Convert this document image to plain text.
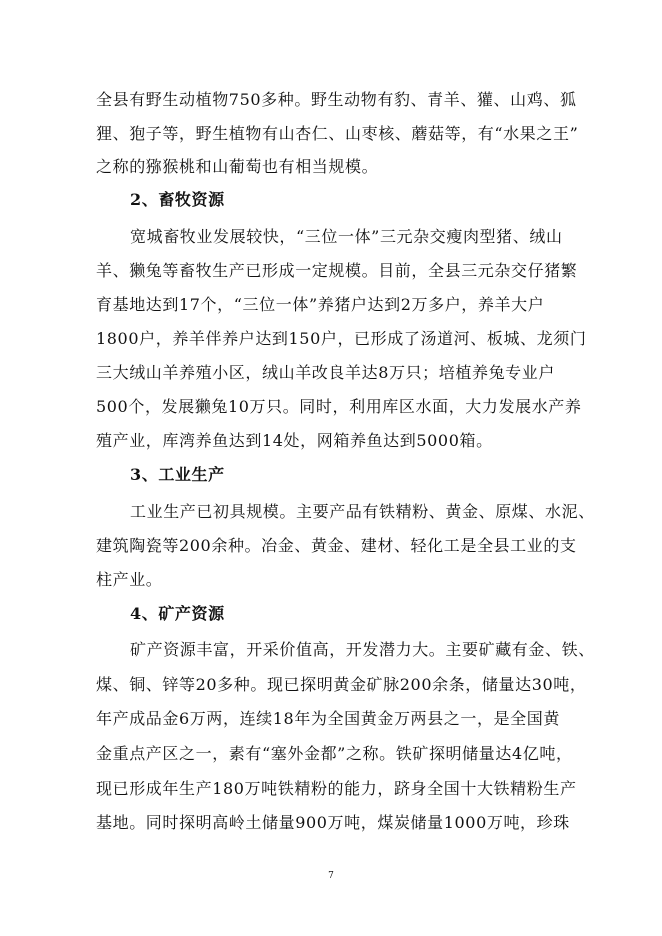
全县有野生动植物750多种。野生动物有豹、青羊、獾、山鸡、狐
狸、狍子等，野生植物有山杏仁、山枣核、蘑菇等，有“水果之王”
之称的猕猴桃和山葡萄也有相当规模。
2、畜牧资源
宽城畜牧业发展较快，“三位一体”三元杂交瘦肉型猪、绒山
羊、獭兔等畜牧生产已形成一定规模。目前，全县三元杂交仔猪繁
育基地达到17个，“三位一体”养猪户达到2万多户，养羊大户
1800户，养羊伴养户达到150户，已形成了汤道河、板城、龙须门
三大绒山羊养殖小区，绒山羊改良羊达8万只；培植养兔专业户
500个，发展獭兔10万只。同时，利用库区水面，大力发展水产养
殖产业，库湾养鱼达到14处，网箱养鱼达到5000箱。
3、工业生产
工业生产已初具规模。主要产品有铁精粉、黄金、原煤、水泥、
建筑陶瓷等200余种。冶金、黄金、建材、轻化工是全县工业的支
柱产业。
4、矿产资源
矿产资源丰富，开采价值高，开发潜力大。主要矿藏有金、铁、
煤、铜、锌等20多种。现已探明黄金矿脉200余条，储量达30吨，
年产成品金6万两，连续18年为全国黄金万两县之一，是全国黄
金重点产区之一，素有“塞外金都”之称。铁矿探明储量达4亿吨，
现已形成年生产180万吨铁精粉的能力，跻身全国十大铁精粉生产
基地。同时探明高岭土储量900万吨，煤炭储量1000万吨，珍珠
7
